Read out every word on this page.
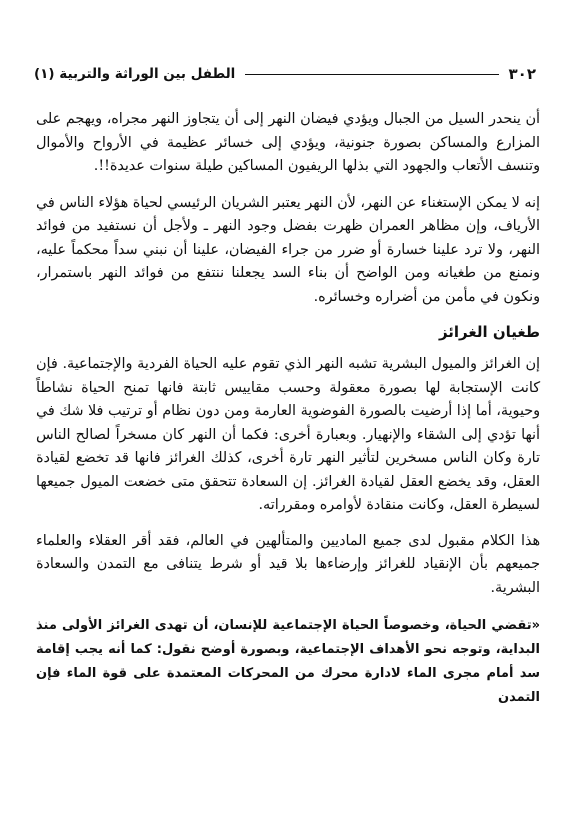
٣٠٢
الطفل بين الوراثة والتربية (١)

أن ينحدر السيل من الجبال ويؤدي فيضان النهر إلى أن يتجاوز النهر مجراه، ويهجم على المزارع والمساكن بصورة جنونية، ويؤدي إلى خسائر عظيمة في الأرواح والأموال وتنسف الأتعاب والجهود التي بذلها الريفيون المساكين طيلة سنوات عديدة!!.

إنه لا يمكن الإستغناء عن النهر، لأن النهر يعتبر الشريان الرئيسي لحياة هؤلاء الناس في الأرياف، وإن مظاهر العمران ظهرت بفضل وجود النهر ـ ولأجل أن نستفيد من فوائد النهر، ولا ترد علينا خسارة أو ضرر من جراء الفيضان، علينا أن نبني سداً محكماً عليه، ونمنع من طغيانه ومن الواضح أن بناء السد يجعلنا ننتفع من فوائد النهر باستمرار، ونكون في مأمن من أضراره وخسائره.

طغيان الغرائز

إن الغرائز والميول البشرية تشبه النهر الذي تقوم عليه الحياة الفردية والإجتماعية. فإن كانت الإستجابة لها بصورة معقولة وحسب مقاييس ثابتة فانها تمنح الحياة نشاطاً وحيوية، أما إذا أرضيت بالصورة الفوضوية العارمة ومن دون نظام أو ترتيب فلا شك في أنها تؤدي إلى الشقاء والإنهيار. وبعبارة أخرى: فكما أن النهر كان مسخراً لصالح الناس تارة وكان الناس مسخرين لتأثير النهر تارة أخرى، كذلك الغرائز فانها قد تخضع لقيادة العقل، وقد يخضع العقل لقيادة الغرائز. إن السعادة تتحقق متى خضعت الميول جميعها لسيطرة العقل، وكانت منقادة لأوامره ومقرراته.

هذا الكلام مقبول لدى جميع الماديين والمتألهين في العالم، فقد أقر العقلاء والعلماء جميعهم بأن الإنقياد للغرائز وإرضاءها بلا قيد أو شرط يتنافى مع التمدن والسعادة البشرية.

«تقضي الحياة، وخصوصاً الحياة الإجتماعية للإنسان، أن تهدى الغرائز الأولى منذ البداية، وتوجه نحو الأهداف الإجتماعية، وبصورة أوضح نقول: كما أنه يجب إقامة سد أمام مجرى الماء لادارة محرك من المحركات المعتمدة على قوة الماء فإن التمدن
